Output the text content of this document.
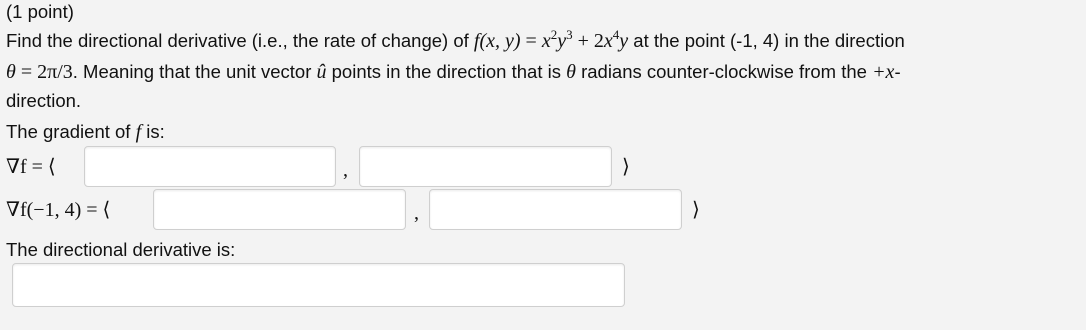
(1 point)
Find the directional derivative (i.e., the rate of change) of f(x, $y) = x^2y^3 + 2x^4y$ at the point (-1, 4) in the direction
θ = 2π/3. Meaning that the unit vector û points in the direction that is θ radians counter-clockwise from the +x-
direction.
The gradient of f is:
∇f = ⟨	,	⟩
∇f(−1, 4) = ⟨	,	⟩
The directional derivative is:
